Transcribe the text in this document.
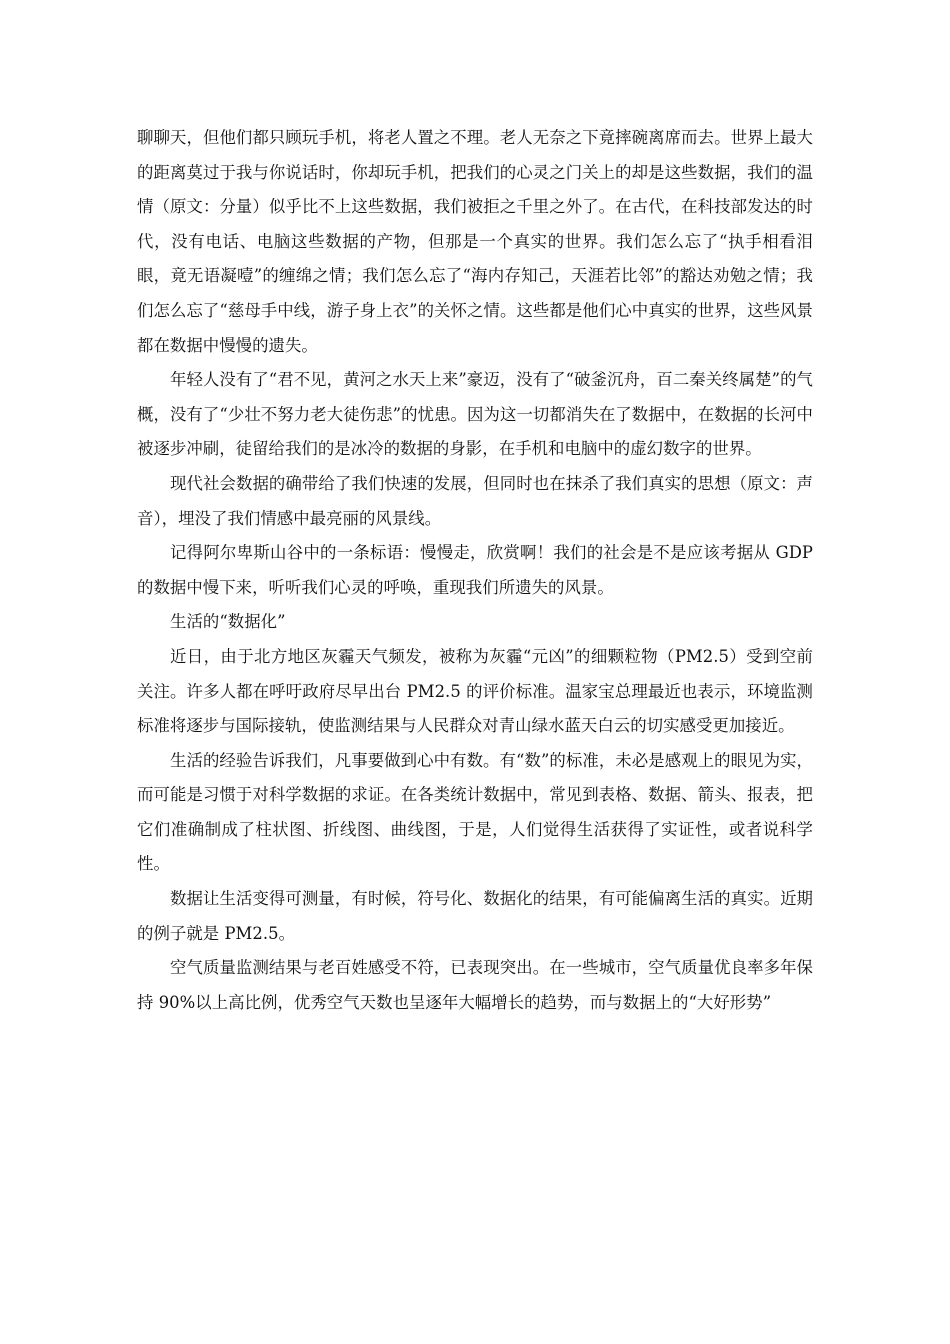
聊聊天，但他们都只顾玩手机，将老人置之不理。老人无奈之下竟摔碗离席而去。世界上最大的距离莫过于我与你说话时，你却玩手机，把我们的心灵之门关上的却是这些数据，我们的温情（原文：分量）似乎比不上这些数据，我们被拒之千里之外了。在古代，在科技部发达的时代，没有电话、电脑这些数据的产物，但那是一个真实的世界。我们怎么忘了“执手相看泪眼，竟无语凝噎”的缠绵之情；我们怎么忘了“海内存知己，天涯若比邻”的豁达劝勉之情；我们怎么忘了“慈母手中线，游子身上衣”的关怀之情。这些都是他们心中真实的世界，这些风景都在数据中慢慢的遗失。

年轻人没有了“君不见，黄河之水天上来”豪迈，没有了“破釜沉舟，百二秦关终属楚”的气概，没有了“少壮不努力老大徒伤悲”的忧患。因为这一切都消失在了数据中，在数据的长河中被逐步冲刷，徒留给我们的是冰冷的数据的身影，在手机和电脑中的虚幻数字的世界。

现代社会数据的确带给了我们快速的发展，但同时也在抹杀了我们真实的思想（原文：声音），埋没了我们情感中最亮丽的风景线。

记得阿尔卑斯山谷中的一条标语：慢慢走，欣赏啊！我们的社会是不是应该考据从 GDP 的数据中慢下来，听听我们心灵的呼唤，重现我们所遗失的风景。

生活的“数据化”

近日，由于北方地区灰霾天气频发，被称为灰霾“元凶”的细颗粒物（PM2.5）受到空前关注。许多人都在呼吁政府尽早出台 PM2.5 的评价标准。温家宝总理最近也表示，环境监测标准将逐步与国际接轨，使监测结果与人民群众对青山绿水蓝天白云的切实感受更加接近。

生活的经验告诉我们，凡事要做到心中有数。有“数”的标准，未必是感观上的眼见为实，而可能是习惯于对科学数据的求证。在各类统计数据中，常见到表格、数据、箭头、报表，把它们准确制成了柱状图、折线图、曲线图，于是，人们觉得生活获得了实证性，或者说科学性。

数据让生活变得可测量，有时候，符号化、数据化的结果，有可能偏离生活的真实。近期的例子就是 PM2.5。

空气质量监测结果与老百姓感受不符，已表现突出。在一些城市，空气质量优良率多年保持 90%以上高比例，优秀空气天数也呈逐年大幅增长的趋势，而与数据上的“大好形势”
